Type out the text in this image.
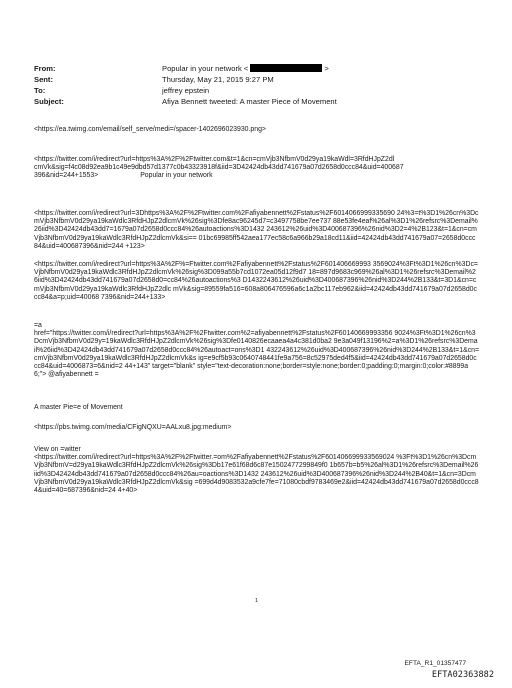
From:	Popular in your network <	>
Sent:	Thursday, May 21, 2015 9:27 PM
To:	jeffrey epstein
Subject:	Afiya Bennett tweeted: A master Piece of Movement

<https://ea.twimg.com/email/self_serve/medi=/spacer-1402696023930.png>

<https://twitter.com/i/redirect?url=https%3A%2F%2Ftwitter.com&t=1&cn=cmVjb3NfbmV0d29ya19kaWdl=3RfdHJpZ2dl

cmVk&sig=f4c08d92ea9b1c49e9dbd57d1377c0b43323918f&iid=3D42424db43dd741679a07d2658d0ccc84&uid=400687

396&nid=244+1553>	Popular in your network

<https://twitter.com/i/redirect?url=3Dhttps%3A%2F%2Ftwitter.com%2Fafiyabennett%2Fstatus%2F6014066999335690 24%3=t%3D1%26cn%3DcmVjb3NfbmV0d29ya19kaWdlc3RfdHJpZ2dlcmVk%26sig%3Dfe8ac96245d7=c3497758be7ee737 88e53fe4eaf%26al%3D1%26refsrc%3Demail%26iid%3D42424db43dd7=1679a07d2658d0ccc84%26autoactions%3D1432 243612%26uid%3D400687396%26nid%3D2=4%2B123&t=1&cn=cmVjb3NfbmV0d29ya19kaWdlc3RfdHJpZ2dlcmVk&si== 01bc69985ff542aea177ec58c6a966b29a18cd11&iid=42424db43dd741679a07=2658d0ccc84&uid=400687396&nid=244 +123>

<https://twitter.com/i/redirect?url=https%3A%2F%=Ftwitter.com%2Fafiyabennett%2Fstatus%2F601406669993 3569024%3Ft%3D1%26cn%3Dc=VjbNfbmV0d29ya19kaWdlc3RfdHJpZ2dlcmVk%26sig%3D099a55b7cd1072ea05d12f9d7 18=897d9683c969%26al%3D1%26refsrc%3Demail%26iid%3D42424db43dd741679a07d2658d0=cc84%26autoactions%3 D1432243612%26uid%3D400687396%26nid%3D244%2B133&t=3D1&cn=cmVjb3NfbmV0d29ya19kaWdlc3RfdHJpZ2dlc mVk&sig=89559fa516=608a806476596a6c1a2bc117eb962&iid=42424db43dd741679a07d2658d0ccc84&a=p;uid=40068 7396&nid=244+133>

=a

href="https://twitter.com/i/redirect?url=https%3A%2F%2Ftwitter.com%2=afiyabennett%2Fstatus%2F60140669993356 9024%3Ft%3D1%26cn%3DcmVjb3NfbmV0d29y=19kaWdlc3RfdHJpZ2dlcmVk%26sig%3Dfe0140826ecaaea4a4c381d0ba2 9e3a049f13196%2=a%3D1%26refsrc%3Demail%26iid%3D42424db43dd741679a07d2658d0ccc84%26autoact=ons%3D1 432243612%26uid%3D400687396%26nid%3D244%2B133&t=1&cn=cmVjb3NfbmV0d29ya19kaWdlc3RfdHJpZ2dlcmVk&s ig=e9cf5b93c0640748441fe9a756=8c52975ded4f5&iid=42424db43dd741679a07d2658d0ccc84&uid=4006873=6&nid=2 44+143" target="blank" style="text-decoration:none;border=style:none;border:0;padding:0;margin:0;color:#8899a6;"> @afiyabennett =

A master Pie=e of Movement

<https://pbs.twimg.com/media/CFigNQXU=AALxu8.jpg:medium>

View on =witter

<https://twitter.com/i/redirect?url=https%3A%2F%2Ftwitter.=om%2Fafiyabennett%2Fstatus%2F601406699933569024 %3Ft%3D1%26cn%3DcmVjb3NfbmV=d29ya19kaWdlc3RfdHJpZ2dlcmVk%26sig%3Db17e61f68d6c87e1502477299849f0 1b657b=b5%26al%3D1%26refsrc%3Demail%26iid%3D42424db43dd741679a07d2658d0ccc84%26au=oactions%3D1432 243612%26uid%3D400687396%26nid%3D244%2B40&t=1&cn=3DcmVjb3NfbmV0d29ya19kaWdlc3RfdHJpZ2dlcmVk&sig =699d4d9083532a9cfe7fe=71080cbdf9783469e2&iid=42424db43dd741679a07d2658d0ccc84&uid=40=687396&nid=24 4+40>

1
EFTA_R1_01357477
EFTA02363882
